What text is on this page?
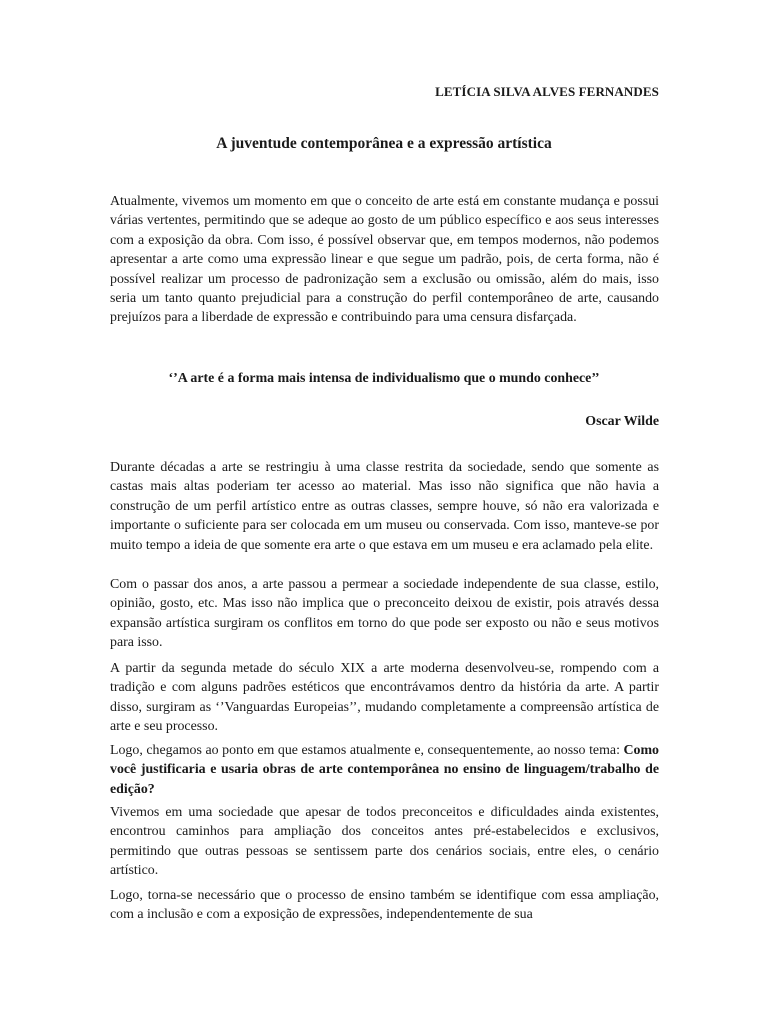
LETÍCIA SILVA ALVES FERNANDES
A juventude contemporânea e a expressão artística

Atualmente, vivemos um momento em que o conceito de arte está em constante mudança e possui várias vertentes, permitindo que se adeque ao gosto de um público específico e aos seus interesses com a exposição da obra. Com isso, é possível observar que, em tempos modernos, não podemos apresentar a arte como uma expressão linear e que segue um padrão, pois, de certa forma, não é possível realizar um processo de padronização sem a exclusão ou omissão, além do mais, isso seria um tanto quanto prejudicial para a construção do perfil contemporâneo de arte, causando prejuízos para a liberdade de expressão e contribuindo para uma censura disfarçada.

‘’A arte é a forma mais intensa de individualismo que o mundo conhece’’
Oscar Wilde

Durante décadas a arte se restringiu à uma classe restrita da sociedade, sendo que somente as castas mais altas poderiam ter acesso ao material. Mas isso não significa que não havia a construção de um perfil artístico entre as outras classes, sempre houve, só não era valorizada e importante o suficiente para ser colocada em um museu ou conservada. Com isso, manteve-se por muito tempo a ideia de que somente era arte o que estava em um museu e era aclamado pela elite.

Com o passar dos anos, a arte passou a permear a sociedade independente de sua classe, estilo, opinião, gosto, etc. Mas isso não implica que o preconceito deixou de existir, pois através dessa expansão artística surgiram os conflitos em torno do que pode ser exposto ou não e seus motivos para isso.

A partir da segunda metade do século XIX a arte moderna desenvolveu-se, rompendo com a tradição e com alguns padrões estéticos que encontrávamos dentro da história da arte. A partir disso, surgiram as ‘’Vanguardas Europeias’’, mudando completamente a compreensão artística de arte e seu processo.

Logo, chegamos ao ponto em que estamos atualmente e, consequentemente, ao nosso tema: Como você justificaria e usaria obras de arte contemporânea no ensino de linguagem/trabalho de edição?

Vivemos em uma sociedade que apesar de todos preconceitos e dificuldades ainda existentes, encontrou caminhos para ampliação dos conceitos antes pré-estabelecidos e exclusivos, permitindo que outras pessoas se sentissem parte dos cenários sociais, entre eles, o cenário artístico.

Logo, torna-se necessário que o processo de ensino também se identifique com essa ampliação, com a inclusão e com a exposição de expressões, independentemente de sua
